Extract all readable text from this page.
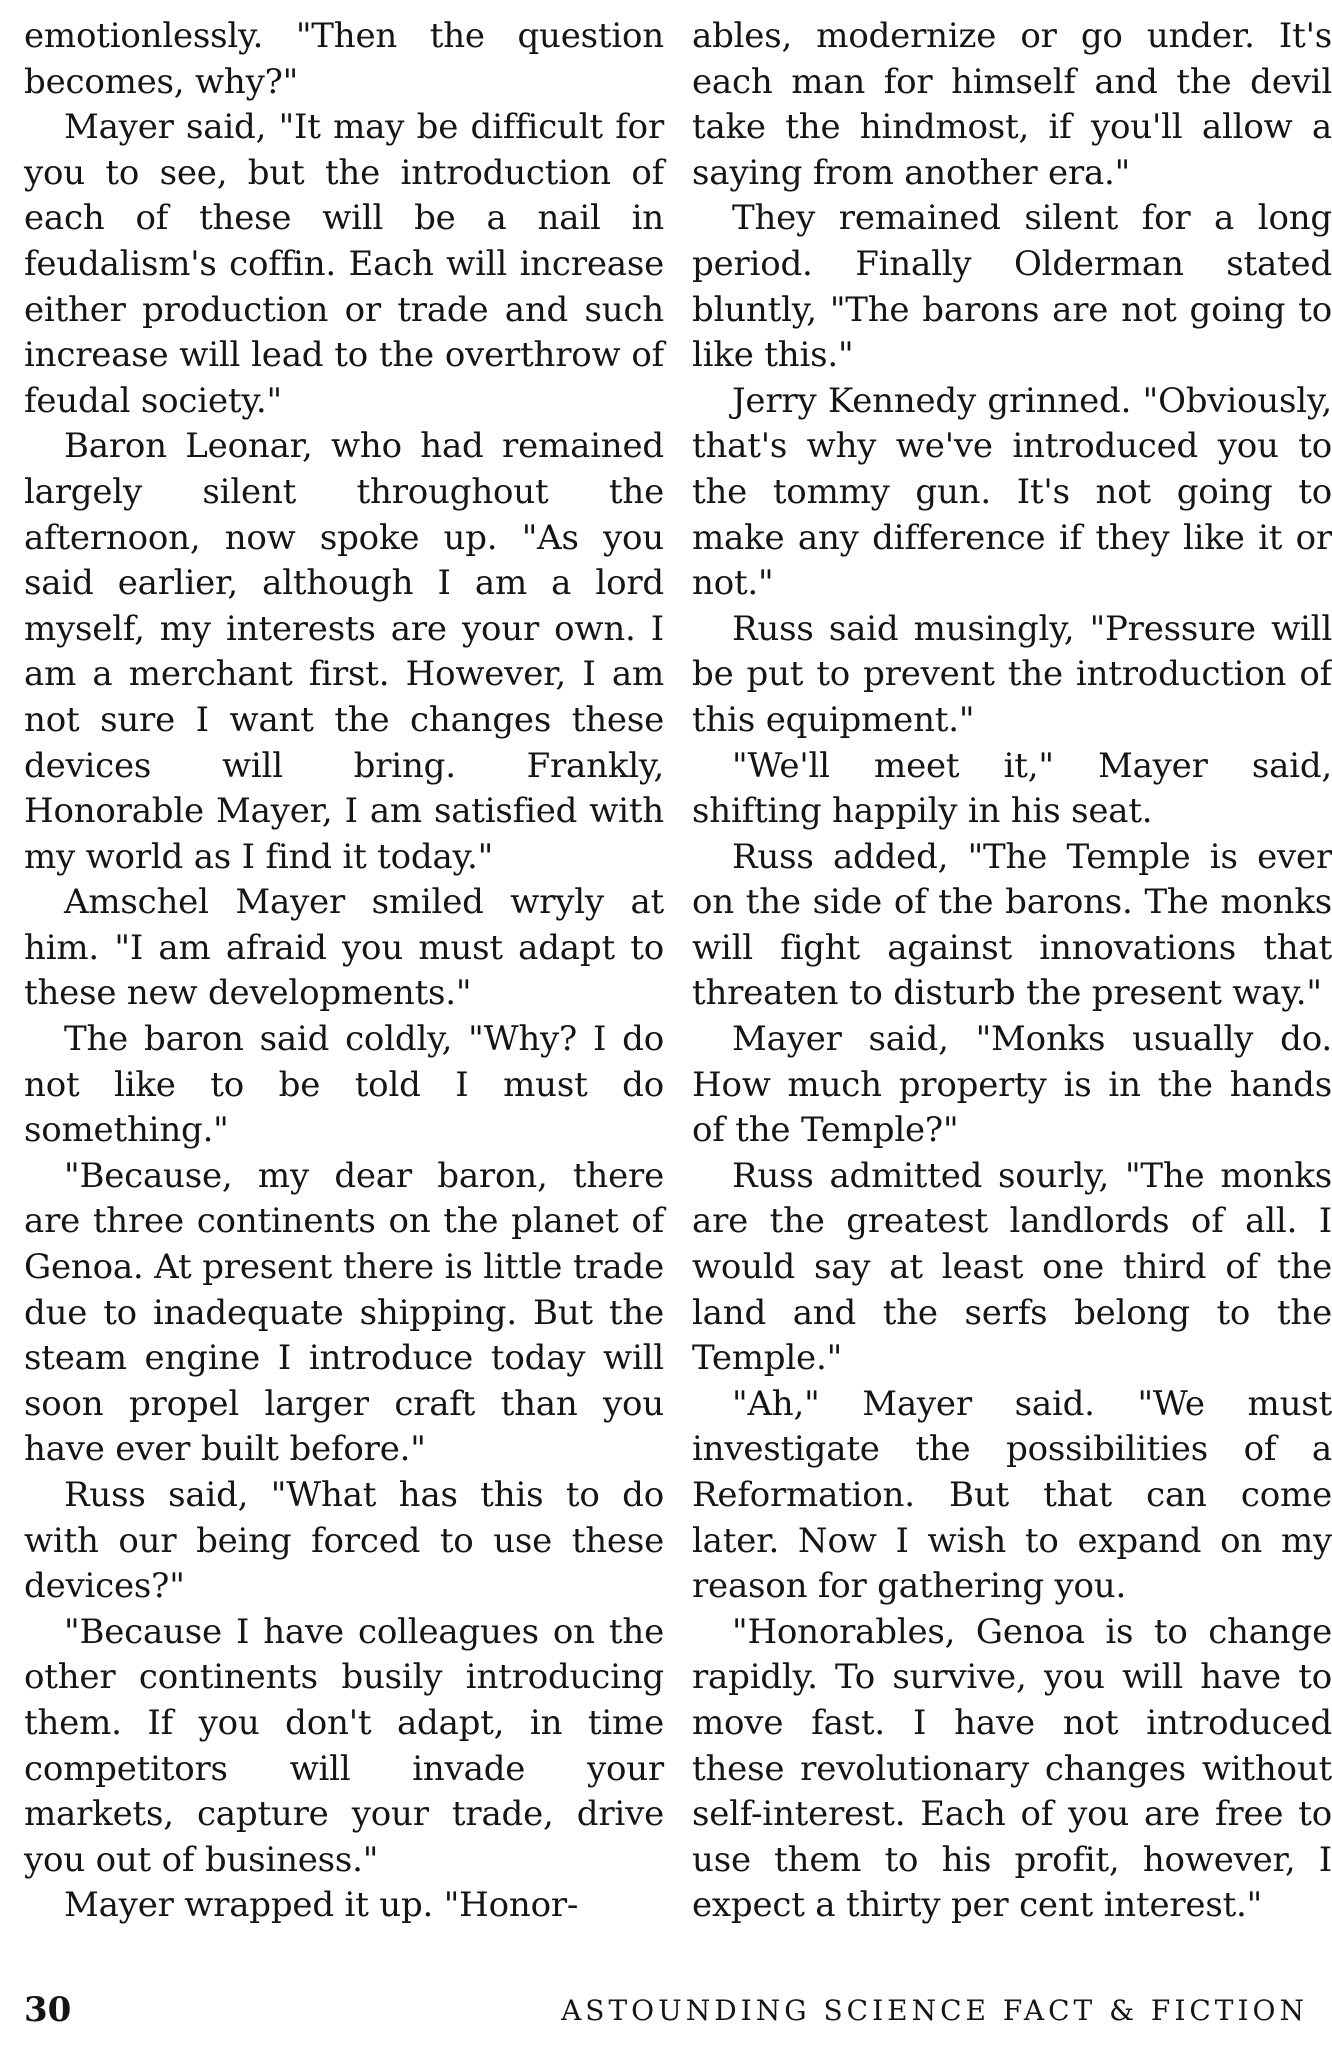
emotionlessly. "Then the question becomes, why?"

Mayer said, "It may be difficult for you to see, but the introduction of each of these will be a nail in feudalism's coffin. Each will increase either production or trade and such increase will lead to the overthrow of feudal society."

Baron Leonar, who had remained largely silent throughout the afternoon, now spoke up. "As you said earlier, although I am a lord myself, my interests are your own. I am a merchant first. However, I am not sure I want the changes these devices will bring. Frankly, Honorable Mayer, I am satisfied with my world as I find it today."

Amschel Mayer smiled wryly at him. "I am afraid you must adapt to these new developments."

The baron said coldly, "Why? I do not like to be told I must do something."

"Because, my dear baron, there are three continents on the planet of Genoa. At present there is little trade due to inadequate shipping. But the steam engine I introduce today will soon propel larger craft than you have ever built before."

Russ said, "What has this to do with our being forced to use these devices?"

"Because I have colleagues on the other continents busily introducing them. If you don't adapt, in time competitors will invade your markets, capture your trade, drive you out of business."

Mayer wrapped it up. "Honor-

ables, modernize or go under. It's each man for himself and the devil take the hindmost, if you'll allow a saying from another era."

They remained silent for a long period. Finally Olderman stated bluntly, "The barons are not going to like this."

Jerry Kennedy grinned. "Obviously, that's why we've introduced you to the tommy gun. It's not going to make any difference if they like it or not."

Russ said musingly, "Pressure will be put to prevent the introduction of this equipment."

"We'll meet it," Mayer said, shifting happily in his seat.

Russ added, "The Temple is ever on the side of the barons. The monks will fight against innovations that threaten to disturb the present way."

Mayer said, "Monks usually do. How much property is in the hands of the Temple?"

Russ admitted sourly, "The monks are the greatest landlords of all. I would say at least one third of the land and the serfs belong to the Temple."

"Ah," Mayer said. "We must investigate the possibilities of a Reformation. But that can come later. Now I wish to expand on my reason for gathering you.

"Honorables, Genoa is to change rapidly. To survive, you will have to move fast. I have not introduced these revolutionary changes without self-interest. Each of you are free to use them to his profit, however, I expect a thirty per cent interest."

30	ASTOUNDING SCIENCE FACT & FICTION
